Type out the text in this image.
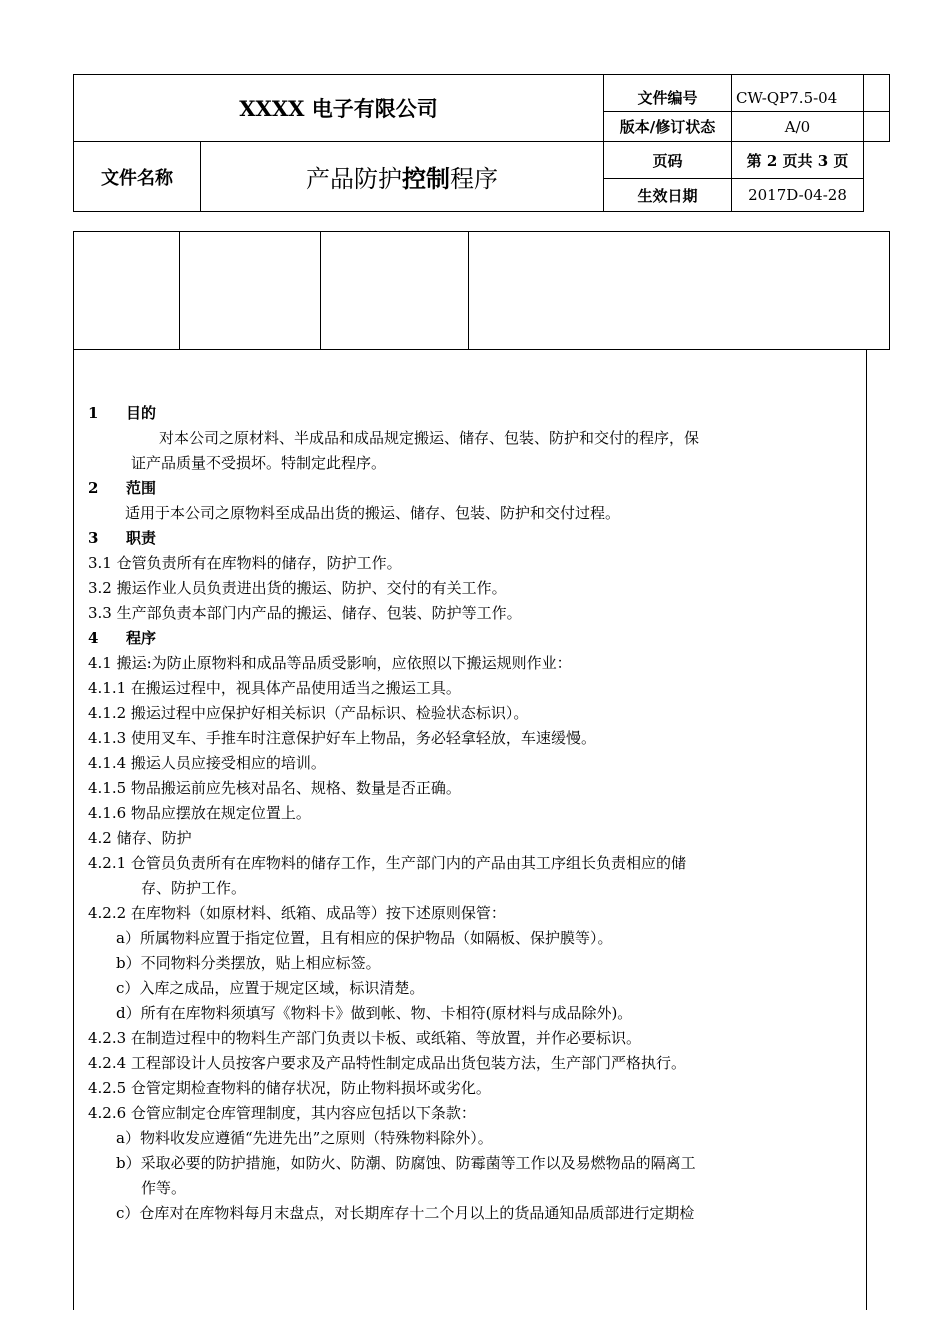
XXXX 电子有限公司
文件名称	产品防护 控制 程序
文件编号	CW-QP7.5-04
版本/修订状态	A/0
页码	第 2 页共 3 页
生效日期	2017D-04-28
1 目的
对本公司之原材料、半成品和成品规定搬运、储存、包装、防护和交付的程序，保
证产品质量不受损坏。特制定此程序。
2 范围
适用于本公司之原物料至成品出货的搬运、储存、包装、防护和交付过程。
3 职责
3.1 仓管负责所有在库物料的储存，防护工作。
3.2 搬运作业人员负责进出货的搬运、防护、交付的有关工作。
3.3 生产部负责本部门内产品的搬运、储存、包装、防护等工作。
4 程序
4.1 搬运:为防止原物料和成品等品质受影响，应依照以下搬运规则作业：
4.1.1 在搬运过程中，视具体产品使用适当之搬运工具。
4.1.2 搬运过程中应保护好相关标识（产品标识、检验状态标识）。
4.1.3 使用叉车、手推车时注意保护好车上物品，务必轻拿轻放，车速缓慢。
4.1.4 搬运人员应接受相应的培训。
4.1.5 物品搬运前应先核对品名、规格、数量是否正确。
4.1.6 物品应摆放在规定位置上。
4.2 储存、防护
4.2.1 仓管员负责所有在库物料的储存工作，生产部门内的产品由其工序组长负责相应的储
存、防护工作。
4.2.2 在库物料（如原材料、纸箱、成品等）按下述原则保管：
a）所属物料应置于指定位置，且有相应的保护物品（如隔板、保护膜等）。
b）不同物料分类摆放，贴上相应标签。
c）入库之成品，应置于规定区域，标识清楚。
d）所有在库物料须填写《物料卡》做到帐、物、卡相符(原材料与成品除外)。
4.2.3 在制造过程中的物料生产部门负责以卡板、或纸箱、等放置，并作必要标识。
4.2.4 工程部设计人员按客户要求及产品特性制定成品出货包装方法，生产部门严格执行。
4.2.5 仓管定期检查物料的储存状况，防止物料损坏或劣化。
4.2.6 仓管应制定仓库管理制度，其内容应包括以下条款：
a）物料收发应遵循“先进先出”之原则（特殊物料除外）。
b）采取必要的防护措施，如防火、防潮、防腐蚀、防霉菌等工作以及易燃物品的隔离工
作等。
c）仓库对在库物料每月末盘点，对长期库存十二个月以上的货品通知品质部进行定期检
